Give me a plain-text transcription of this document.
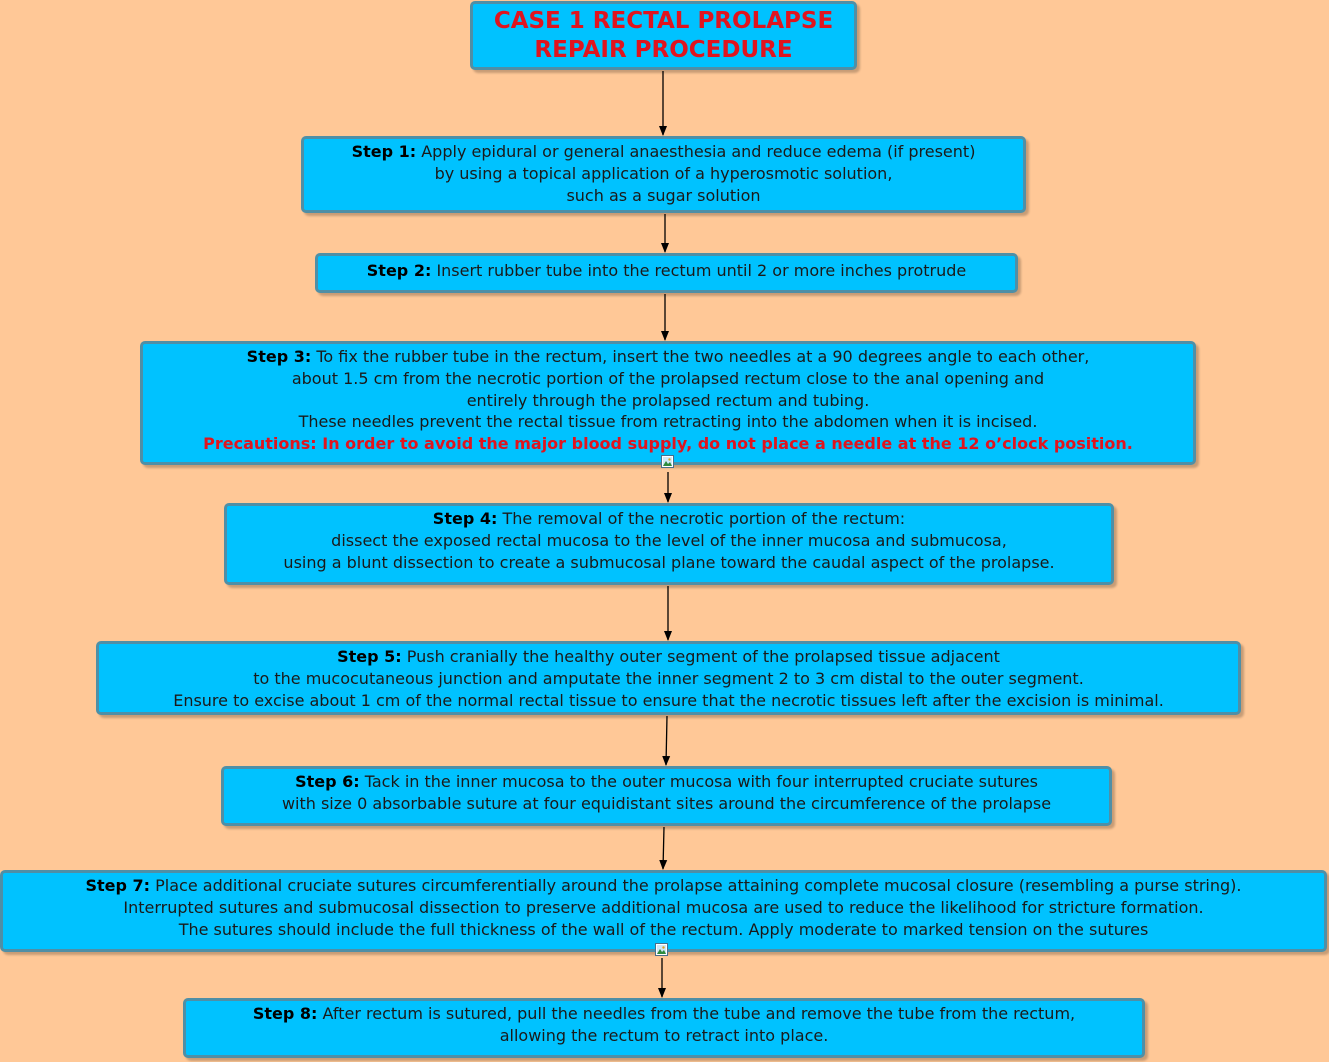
CASE 1 RECTAL PROLAPSE
REPAIR PROCEDURE
Step 1: Apply epidural or general anaesthesia and reduce edema (if present)
by using a topical application of a hyperosmotic solution,
such as a sugar solution
Step 2: Insert rubber tube into the rectum until 2 or more inches protrude
Step 3: To fix the rubber tube in the rectum, insert the two needles at a 90 degrees angle to each other,
about 1.5 cm from the necrotic portion of the prolapsed rectum close to the anal opening and
entirely through the prolapsed rectum and tubing.
These needles prevent the rectal tissue from retracting into the abdomen when it is incised.
Precautions: In order to avoid the major blood supply, do not place a needle at the 12 o’clock position.
Step 4: The removal of the necrotic portion of the rectum:
dissect the exposed rectal mucosa to the level of the inner mucosa and submucosa,
using a blunt dissection to create a submucosal plane toward the caudal aspect of the prolapse.
Step 5: Push cranially the healthy outer segment of the prolapsed tissue adjacent
to the mucocutaneous junction and amputate the inner segment 2 to 3 cm distal to the outer segment.
Ensure to excise about 1 cm of the normal rectal tissue to ensure that the necrotic tissues left after the excision is minimal.
Step 6: Tack in the inner mucosa to the outer mucosa with four interrupted cruciate sutures
with size 0 absorbable suture at four equidistant sites around the circumference of the prolapse
Step 7: Place additional cruciate sutures circumferentially around the prolapse attaining complete mucosal closure (resembling a purse string).
Interrupted sutures and submucosal dissection to preserve additional mucosa are used to reduce the likelihood for stricture formation.
The sutures should include the full thickness of the wall of the rectum. Apply moderate to marked tension on the sutures
Step 8: After rectum is sutured, pull the needles from the tube and remove the tube from the rectum,
allowing the rectum to retract into place.
